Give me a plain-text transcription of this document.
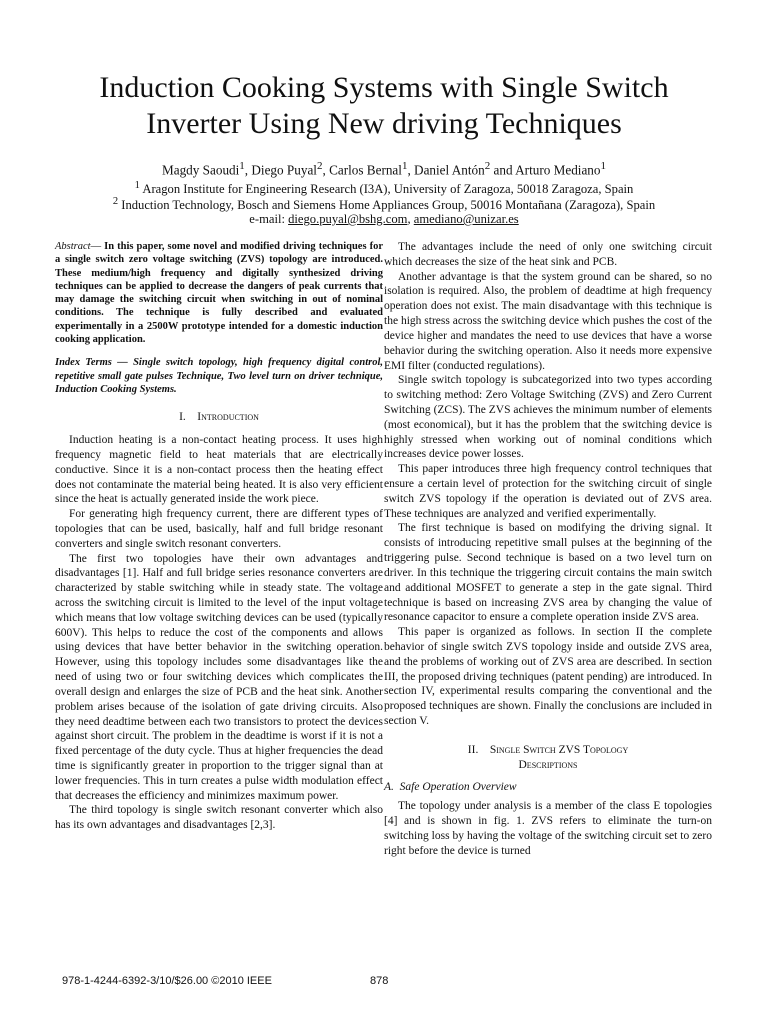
Induction Cooking Systems with Single Switch
Inverter Using New driving Techniques
Magdy Saoudi$^1$, Diego Puyal$^2$, Carlos Bernal$^1$, Daniel Antón$^2$ and Arturo Mediano$^1$
$^1$ Aragon Institute for Engineering Research (I3A), University of Zaragoza, 50018 Zaragoza, Spain
$^2$ Induction Technology, Bosch and Siemens Home Appliances Group, 50016 Montañana (Zaragoza), Spain
e-mail: diego.puyal@bshg.com, amediano@unizar.es

Abstract— In this paper, some novel and modified driving techniques for a single switch zero voltage switching (ZVS) topology are introduced. These medium/high frequency and digitally synthesized driving techniques can be applied to decrease the dangers of peak currents that may damage the switching circuit when switching in out of nominal conditions. The technique is fully described and evaluated experimentally in a 2500W prototype intended for a domestic induction cooking application.

Index Terms — Single switch topology, high frequency digital control, repetitive small gate pulses Technique, Two level turn on driver technique, Induction Cooking Systems.

I. Introduction

Induction heating is a non-contact heating process. It uses high frequency magnetic field to heat materials that are electrically conductive. Since it is a non-contact process then the heating effect does not contaminate the material being heated. It is also very efficient since the heat is actually generated inside the work piece.

For generating high frequency current, there are different types of topologies that can be used, basically, half and full bridge resonant converters and single switch resonant converters.

The first two topologies have their own advantages and disadvantages [1]. Half and full bridge series resonance converters are characterized by stable switching while in steady state. The voltage across the switching circuit is limited to the level of the input voltage which means that low voltage switching devices can be used (typically 600V). This helps to reduce the cost of the components and allows using devices that have better behavior in the switching operation. However, using this topology includes some disadvantages like the need of using two or four switching devices which complicates the overall design and enlarges the size of PCB and the heat sink. Another problem arises because of the isolation of gate driving circuits. Also they need deadtime between each two transistors to protect the devices against short circuit. The problem in the deadtime is worst if it is not a fixed percentage of the duty cycle. Thus at higher frequencies the dead time is significantly greater in proportion to the trigger signal than at lower frequencies. This in turn creates a pulse width modulation effect that decreases the efficiency and minimizes maximum power.

The third topology is single switch resonant converter which also has its own advantages and disadvantages [2,3].

The advantages include the need of only one switching circuit which decreases the size of the heat sink and PCB.

Another advantage is that the system ground can be shared, so no isolation is required. Also, the problem of deadtime at high frequency operation does not exist. The main disadvantage with this technique is the high stress across the switching device which pushes the cost of the device higher and mandates the need to use devices that have a worse behavior during the switching operation. Also it needs more expensive EMI filter (conducted regulations).

Single switch topology is subcategorized into two types according to switching method: Zero Voltage Switching (ZVS) and Zero Current Switching (ZCS). The ZVS achieves the minimum number of elements (most economical), but it has the problem that the switching device is highly stressed when working out of nominal conditions which increases device power losses.

This paper introduces three high frequency control techniques that ensure a certain level of protection for the switching circuit of single switch ZVS topology if the operation is deviated out of ZVS area. These techniques are analyzed and verified experimentally.

The first technique is based on modifying the driving signal. It consists of introducing repetitive small pulses at the beginning of the triggering pulse. Second technique is based on a two level turn on driver. In this technique the triggering circuit contains the main switch and additional MOSFET to generate a step in the gate signal. Third technique is based on increasing ZVS area by changing the value of resonance capacitor to ensure a complete operation inside ZVS area.

This paper is organized as follows. In section II the complete behavior of single switch ZVS topology inside and outside ZVS area, and the problems of working out of ZVS area are described. In section III, the proposed driving techniques (patent pending) are introduced. In section IV, experimental results comparing the conventional and the proposed techniques are shown. Finally the conclusions are included in section V.

II. Single Switch ZVS Topology
Descriptions
A. Safe Operation Overview

The topology under analysis is a member of the class E topologies [4] and is shown in fig. 1. ZVS refers to eliminate the turn-on switching loss by having the voltage of the switching circuit set to zero right before the device is turned

978-1-4244-6392-3/10/$26.00 ©2010 IEEE	878
